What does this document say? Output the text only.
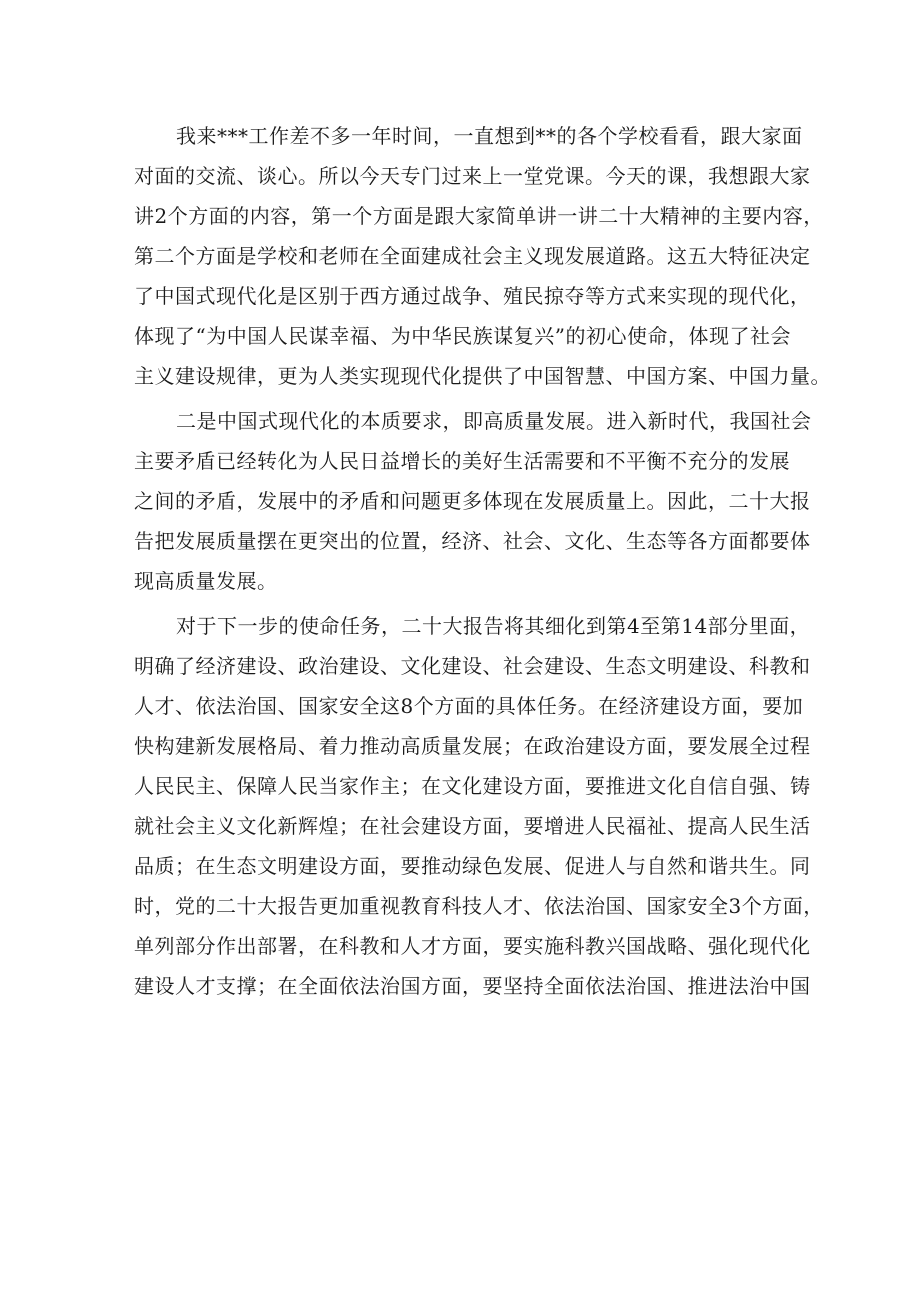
我来***工作差不多一年时间，一直想到**的各个学校看看，跟大家面
对面的交流、谈心。所以今天专门过来上一堂党课。今天的课，我想跟大家
讲2个方面的内容，第一个方面是跟大家简单讲一讲二十大精神的主要内容，
第二个方面是学校和老师在全面建成社会主义现发展道路。这五大特征决定
了中国式现代化是区别于西方通过战争、殖民掠夺等方式来实现的现代化，
体现了“为中国人民谋幸福、为中华民族谋复兴”的初心使命，体现了社会
主义建设规律，更为人类实现现代化提供了中国智慧、中国方案、中国力量。
二是中国式现代化的本质要求，即高质量发展。进入新时代，我国社会
主要矛盾已经转化为人民日益增长的美好生活需要和不平衡不充分的发展
之间的矛盾，发展中的矛盾和问题更多体现在发展质量上。因此，二十大报
告把发展质量摆在更突出的位置，经济、社会、文化、生态等各方面都要体
现高质量发展。
对于下一步的使命任务，二十大报告将其细化到第4至第14部分里面，
明确了经济建设、政治建设、文化建设、社会建设、生态文明建设、科教和
人才、依法治国、国家安全这8个方面的具体任务。在经济建设方面，要加
快构建新发展格局、着力推动高质量发展；在政治建设方面，要发展全过程
人民民主、保障人民当家作主；在文化建设方面，要推进文化自信自强、铸
就社会主义文化新辉煌；在社会建设方面，要增进人民福祉、提高人民生活
品质；在生态文明建设方面，要推动绿色发展、促进人与自然和谐共生。同
时，党的二十大报告更加重视教育科技人才、依法治国、国家安全3个方面，
单列部分作出部署，在科教和人才方面，要实施科教兴国战略、强化现代化
建设人才支撑；在全面依法治国方面，要坚持全面依法治国、推进法治中国
